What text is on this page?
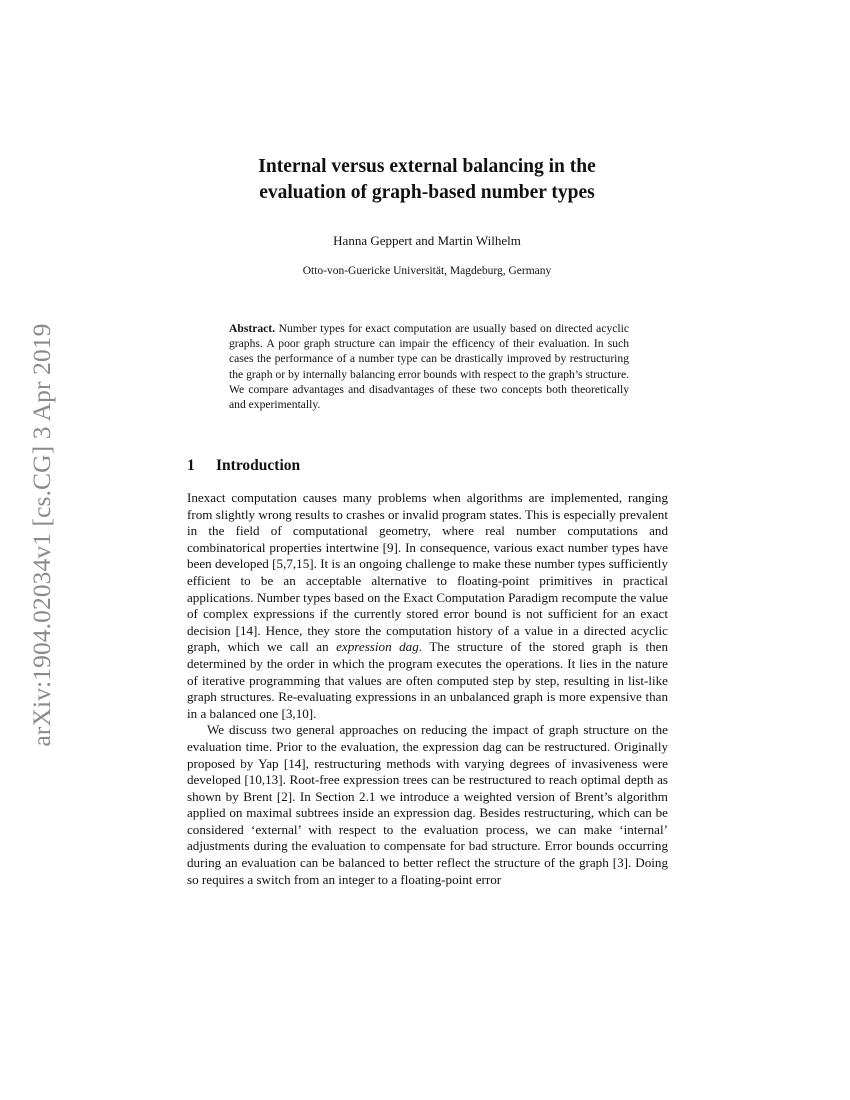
arXiv:1904.02034v1 [cs.CG] 3 Apr 2019
Internal versus external balancing in the
evaluation of graph-based number types

Hanna Geppert and Martin Wilhelm

Otto-von-Guericke Universität, Magdeburg, Germany

Abstract. Number types for exact computation are usually based on directed acyclic graphs. A poor graph structure can impair the efficency of their evaluation. In such cases the performance of a number type can be drastically improved by restructuring the graph or by internally balancing error bounds with respect to the graph’s structure. We compare advantages and disadvantages of these two concepts both theoretically and experimentally.

1 Introduction

Inexact computation causes many problems when algorithms are implemented, ranging from slightly wrong results to crashes or invalid program states. This is especially prevalent in the field of computational geometry, where real number computations and combinatorical properties intertwine [9]. In consequence, various exact number types have been developed [5,7,15]. It is an ongoing challenge to make these number types sufficiently efficient to be an acceptable alternative to floating-point primitives in practical applications. Number types based on the Exact Computation Paradigm recompute the value of complex expressions if the currently stored error bound is not sufficient for an exact decision [14]. Hence, they store the computation history of a value in a directed acyclic graph, which we call an expression dag. The structure of the stored graph is then determined by the order in which the program executes the operations. It lies in the nature of iterative programming that values are often computed step by step, resulting in list-like graph structures. Re-evaluating expressions in an unbalanced graph is more expensive than in a balanced one [3,10].

We discuss two general approaches on reducing the impact of graph structure on the evaluation time. Prior to the evaluation, the expression dag can be restructured. Originally proposed by Yap [14], restructuring methods with varying degrees of invasiveness were developed [10,13]. Root-free expression trees can be restructured to reach optimal depth as shown by Brent [2]. In Section 2.1 we introduce a weighted version of Brent’s algorithm applied on maximal subtrees inside an expression dag. Besides restructuring, which can be considered ‘external’ with respect to the evaluation process, we can make ‘internal’ adjustments during the evaluation to compensate for bad structure. Error bounds occurring during an evaluation can be balanced to better reflect the structure of the graph [3]. Doing so requires a switch from an integer to a floating-point error
